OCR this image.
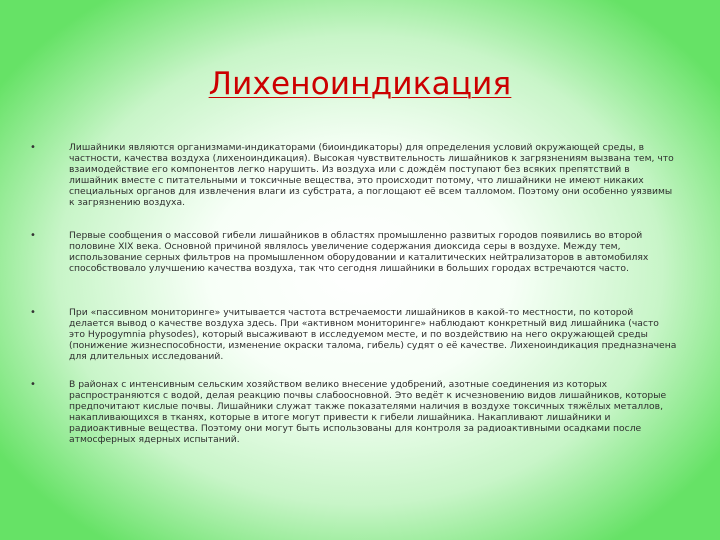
Лихеноиндикация
•	Лишайники являются организмами-индикаторами (биоиндикаторы) для определения условий окружающей среды, в частности, качества воздуха (лихеноиндикация). Высокая чувствительность лишайников к загрязнениям вызвана тем, что взаимодействие его компонентов легко нарушить. Из воздуха или с дождём поступают без всяких препятствий в лишайник вместе с питательными и токсичные вещества, это происходит потому, что лишайники не имеют никаких специальных органов для извлечения влаги из субстрата, а поглощают её всем талломом. Поэтому они особенно уязвимы к загрязнению воздуха.
•	Первые сообщения о массовой гибели лишайников в областях промышленно развитых городов появились во второй половине XIX века. Основной причиной являлось увеличение содержания диоксида серы в воздухе. Между тем, использование серных фильтров на промышленном оборудовании и каталитических нейтрализаторов в автомобилях способствовало улучшению качества воздуха, так что сегодня лишайники в больших городах встречаются часто.
•	При «пассивном мониторинге» учитывается частота встречаемости лишайников в какой-то местности, по которой делается вывод о качестве воздуха здесь. При «активном мониторинге» наблюдают конкретный вид лишайника (часто это Hypogymnia physodes), который высаживают в исследуемом месте, и по воздействию на него окружающей среды (понижение жизнеспособности, изменение окраски талома, гибель) судят о её качестве. Лихеноиндикация предназначена для длительных исследований.
•	В районах с интенсивным сельским хозяйством велико внесение удобрений, азотные соединения из которых распространяются с водой, делая реакцию почвы слабоосновной. Это ведёт к исчезновению видов лишайников, которые предпочитают кислые почвы. Лишайники служат также показателями наличия в воздухе токсичных тяжёлых металлов, накапливающихся в тканях, которые в итоге могут привести к гибели лишайника. Накапливают лишайники и радиоактивные вещества. Поэтому они могут быть использованы для контроля за радиоактивными осадками после атмосферных ядерных испытаний.
